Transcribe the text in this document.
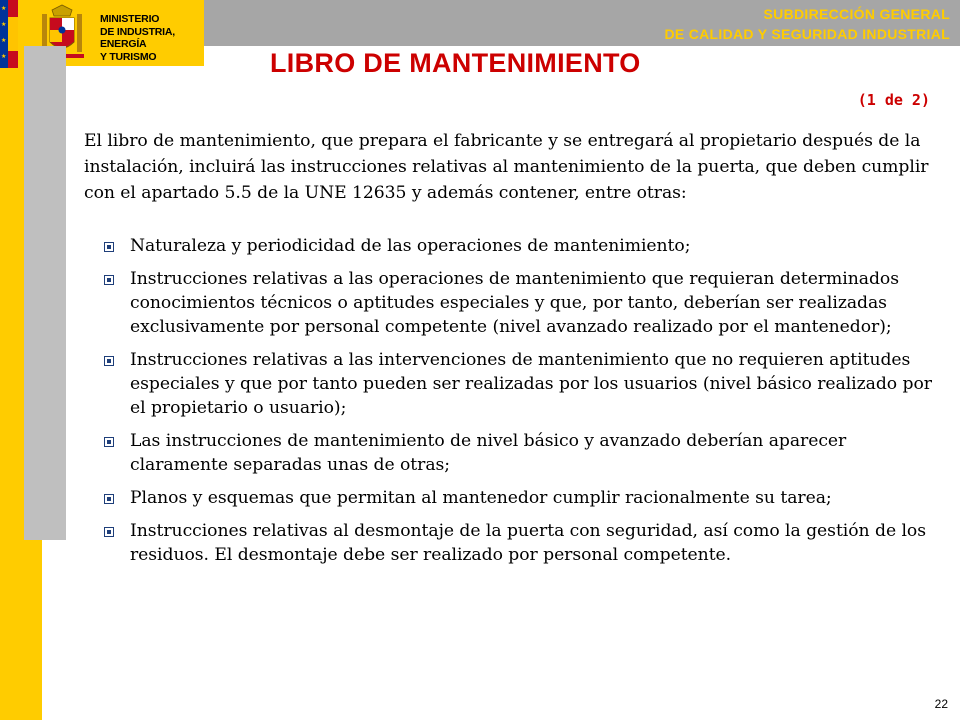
★
★
★
★
MINISTERIO
DE INDUSTRIA, ENERGÍA
Y TURISMO
SUBDIRECCIÓN GENERAL
DE CALIDAD Y SEGURIDAD INDUSTRIAL
LIBRO DE MANTENIMIENTO
(1 de 2)

El libro de mantenimiento, que prepara el fabricante y se entregará al propietario después de la instalación, incluirá las instrucciones relativas al mantenimiento de la puerta, que deben cumplir con el apartado 5.5 de la UNE 12635 y además contener, entre otras:

Naturaleza y periodicidad de las operaciones de mantenimiento;
Instrucciones relativas a las operaciones de mantenimiento que requieran determinados conocimientos técnicos o aptitudes especiales y que, por tanto, deberían ser realizadas exclusivamente por personal competente (nivel avanzado realizado por el mantenedor);
Instrucciones relativas a las intervenciones de mantenimiento que no requieren aptitudes especiales y que por tanto pueden ser realizadas por los usuarios (nivel básico realizado por el propietario o usuario);
Las instrucciones de mantenimiento de nivel básico y avanzado deberían aparecer claramente separadas unas de otras;
Planos y esquemas que permitan al mantenedor cumplir racionalmente su tarea;
Instrucciones relativas al desmontaje de la puerta con seguridad, así como la gestión de los residuos. El desmontaje debe ser realizado por personal competente.
22
